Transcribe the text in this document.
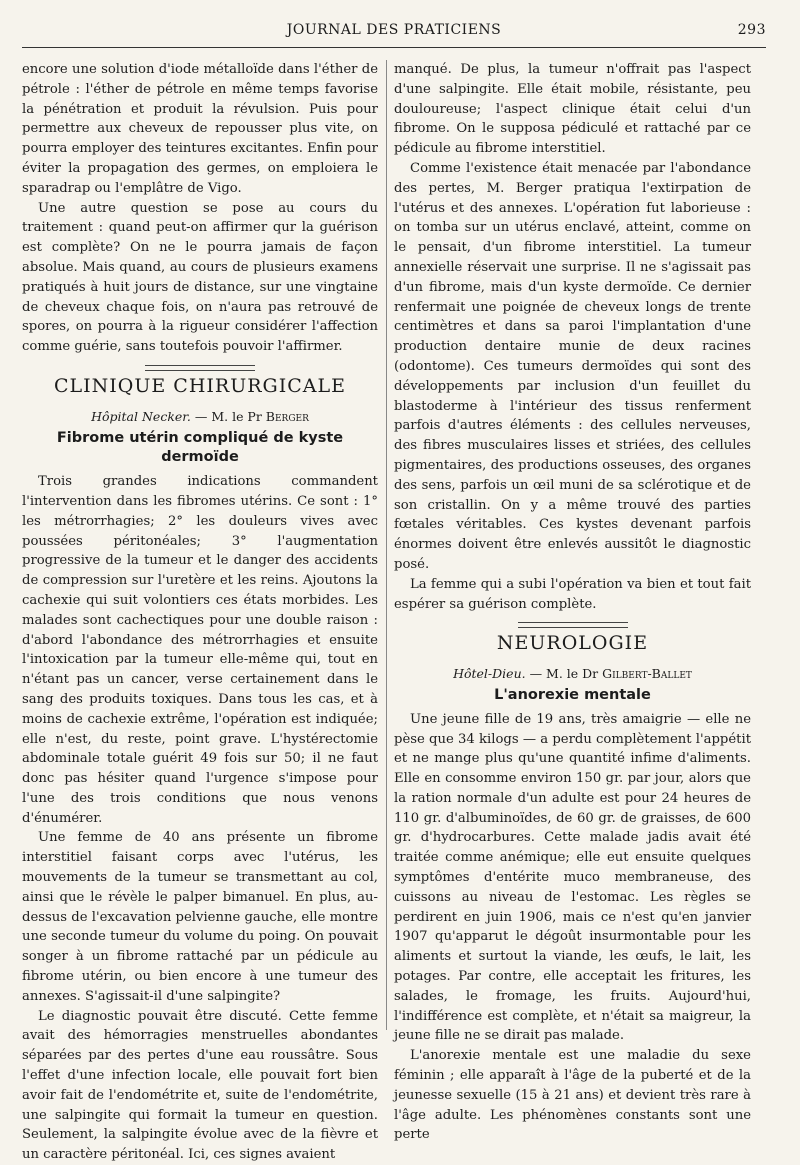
JOURNAL DES PRATICIENS	293

encore une solution d'iode métalloïde dans l'éther de pétrole : l'éther de pétrole en même temps favorise la pénétration et produit la révulsion. Puis pour permettre aux cheveux de repousser plus vite, on pourra employer des teintures excitantes. Enfin pour éviter la propagation des germes, on emploiera le sparadrap ou l'emplâtre de Vigo.

Une autre question se pose au cours du traitement : quand peut-on affirmer qur la guérison est complète? On ne le pourra jamais de façon absolue. Mais quand, au cours de plusieurs examens pratiqués à huit jours de distance, sur une vingtaine de cheveux chaque fois, on n'aura pas retrouvé de spores, on pourra à la rigueur considérer l'affection comme guérie, sans toutefois pouvoir l'affirmer.

CLINIQUE CHIRURGICALE
Hôpital Necker. — M. le Pr Berger
Fibrome utérin compliqué de kyste dermoïde

Trois grandes indications commandent l'intervention dans les fibromes utérins. Ce sont : 1° les métrorrhagies; 2° les douleurs vives avec poussées péritonéales; 3° l'augmentation progressive de la tumeur et le danger des accidents de compression sur l'uretère et les reins. Ajoutons la cachexie qui suit volontiers ces états morbides. Les malades sont cachectiques pour une double raison : d'abord l'abondance des métrorrhagies et ensuite l'intoxication par la tumeur elle-même qui, tout en n'étant pas un cancer, verse certainement dans le sang des produits toxiques. Dans tous les cas, et à moins de cachexie extrême, l'opération est indiquée; elle n'est, du reste, point grave. L'hystérectomie abdominale totale guérit 49 fois sur 50; il ne faut donc pas hésiter quand l'urgence s'impose pour l'une des trois conditions que nous venons d'énumérer.

Une femme de 40 ans présente un fibrome interstitiel faisant corps avec l'utérus, les mouvements de la tumeur se transmettant au col, ainsi que le révèle le palper bimanuel. En plus, au-dessus de l'excavation pelvienne gauche, elle montre une seconde tumeur du volume du poing. On pouvait songer à un fibrome rattaché par un pédicule au fibrome utérin, ou bien encore à une tumeur des annexes. S'agissait-il d'une salpingite?

Le diagnostic pouvait être discuté. Cette femme avait des hémorragies menstruelles abondantes séparées par des pertes d'une eau roussâtre. Sous l'effet d'une infection locale, elle pouvait fort bien avoir fait de l'endométrite et, suite de l'endométrite, une salpingite qui formait la tumeur en question. Seulement, la salpingite évolue avec de la fièvre et un caractère péritonéal. Ici, ces signes avaient

manqué. De plus, la tumeur n'offrait pas l'aspect d'une salpingite. Elle était mobile, résistante, peu douloureuse; l'aspect clinique était celui d'un fibrome. On le supposa pédiculé et rattaché par ce pédicule au fibrome interstitiel.

Comme l'existence était menacée par l'abondance des pertes, M. Berger pratiqua l'extirpation de l'utérus et des annexes. L'opération fut laborieuse : on tomba sur un utérus enclavé, atteint, comme on le pensait, d'un fibrome interstitiel. La tumeur annexielle réservait une surprise. Il ne s'agissait pas d'un fibrome, mais d'un kyste dermoïde. Ce dernier renfermait une poignée de cheveux longs de trente centimètres et dans sa paroi l'implantation d'une production dentaire munie de deux racines (odontome). Ces tumeurs dermoïdes qui sont des développements par inclusion d'un feuillet du blastoderme à l'intérieur des tissus renferment parfois d'autres éléments : des cellules nerveuses, des fibres musculaires lisses et striées, des cellules pigmentaires, des productions osseuses, des organes des sens, parfois un œil muni de sa sclérotique et de son cristallin. On y a même trouvé des parties fœtales véritables. Ces kystes devenant parfois énormes doivent être enlevés aussitôt le diagnostic posé.

La femme qui a subi l'opération va bien et tout fait espérer sa guérison complète.

NEUROLOGIE
Hôtel-Dieu. — M. le Dr Gilbert-Ballet
L'anorexie mentale

Une jeune fille de 19 ans, très amaigrie — elle ne pèse que 34 kilogs — a perdu complètement l'appétit et ne mange plus qu'une quantité infime d'aliments. Elle en consomme environ 150 gr. par jour, alors que la ration normale d'un adulte est pour 24 heures de 110 gr. d'albuminoïdes, de 60 gr. de graisses, de 600 gr. d'hydrocarbures. Cette malade jadis avait été traitée comme anémique; elle eut ensuite quelques symptômes d'entérite muco membraneuse, des cuissons au niveau de l'estomac. Les règles se perdirent en juin 1906, mais ce n'est qu'en janvier 1907 qu'apparut le dégoût insurmontable pour les aliments et surtout la viande, les œufs, le lait, les potages. Par contre, elle acceptait les fritures, les salades, le fromage, les fruits. Aujourd'hui, l'indifférence est complète, et n'était sa maigreur, la jeune fille ne se dirait pas malade.

L'anorexie mentale est une maladie du sexe féminin ; elle apparaît à l'âge de la puberté et de la jeunesse sexuelle (15 à 21 ans) et devient très rare à l'âge adulte. Les phénomènes constants sont une perte
